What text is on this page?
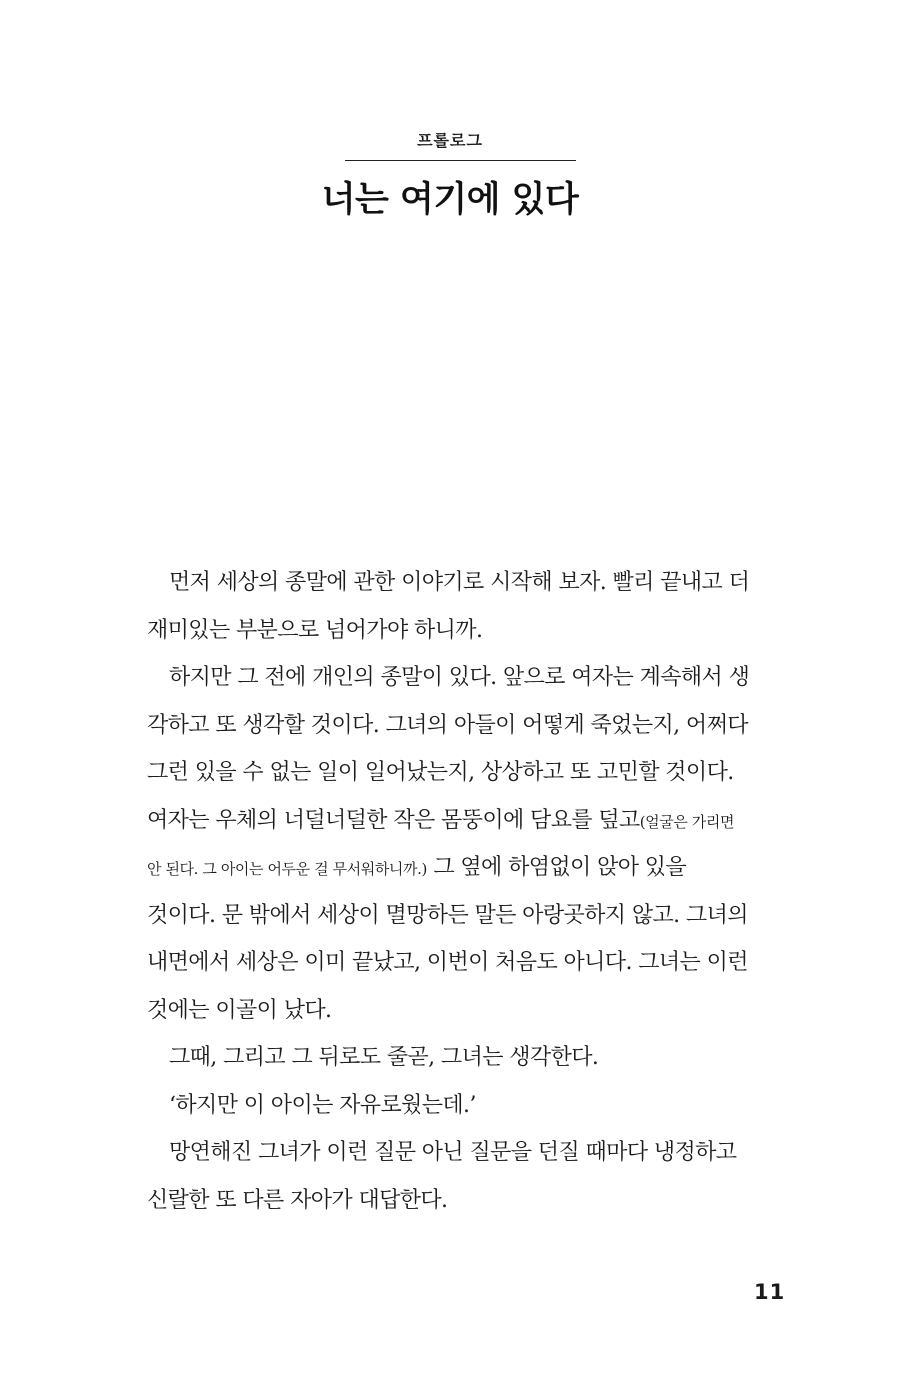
프롤로그
너는 여기에 있다
먼저 세상의 종말에 관한 이야기로 시작해 보자. 빨리 끝내고 더
재미있는 부분으로 넘어가야 하니까.
하지만 그 전에 개인의 종말이 있다. 앞으로 여자는 계속해서 생
각하고 또 생각할 것이다. 그녀의 아들이 어떻게 죽었는지, 어쩌다
그런 있을 수 없는 일이 일어났는지, 상상하고 또 고민할 것이다.
여자는 우체의 너덜너덜한 작은 몸뚱이에 담요를 덮고(얼굴은 가리면
안 된다. 그 아이는 어두운 걸 무서워하니까.) 그 옆에 하염없이 앉아 있을
것이다. 문 밖에서 세상이 멸망하든 말든 아랑곳하지 않고. 그녀의
내면에서 세상은 이미 끝났고, 이번이 처음도 아니다. 그녀는 이런
것에는 이골이 났다.
그때, 그리고 그 뒤로도 줄곧, 그녀는 생각한다.
‘하지만 이 아이는 자유로웠는데.’
망연해진 그녀가 이런 질문 아닌 질문을 던질 때마다 냉정하고
신랄한 또 다른 자아가 대답한다.
11
